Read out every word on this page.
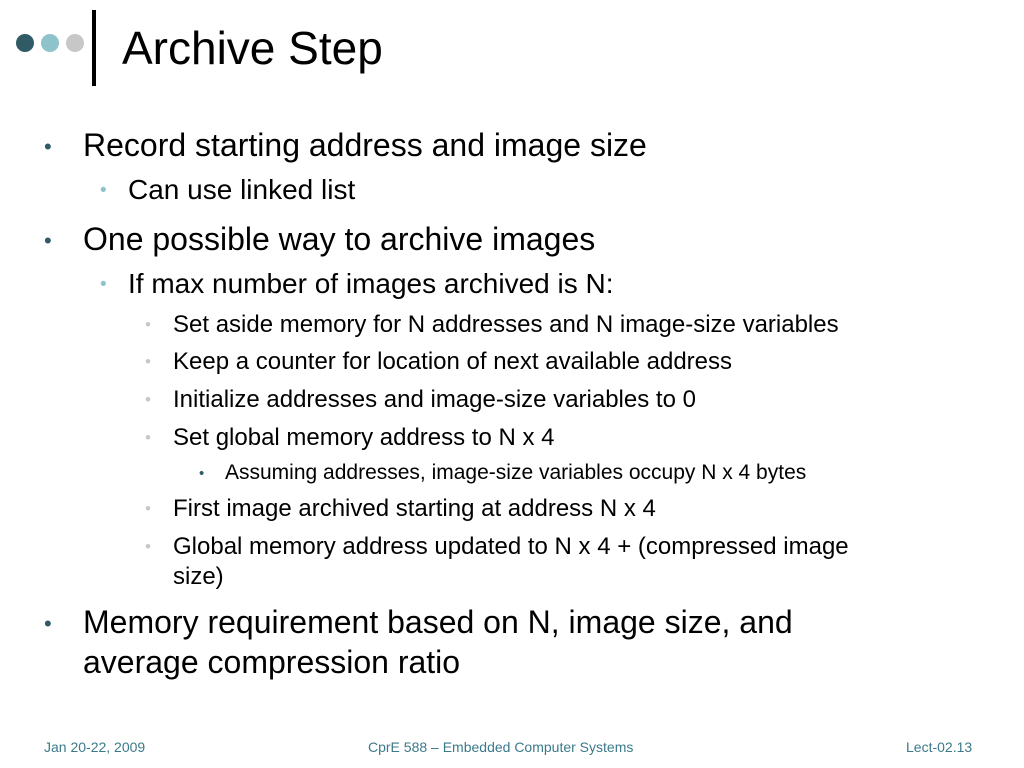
Archive Step
• Record starting address and image size
• Can use linked list
• One possible way to archive images
• If max number of images archived is N:
• Set aside memory for N addresses and N image-size variables
• Keep a counter for location of next available address
• Initialize addresses and image-size variables to 0
• Set global memory address to N x 4
• Assuming addresses, image-size variables occupy N x 4 bytes
• First image archived starting at address N x 4
• Global memory address updated to N x 4 + (compressed image
size)
• Memory requirement based on N, image size, and
average compression ratio
Jan 20-22, 2009	CprE 588 – Embedded Computer Systems	Lect-02.13
